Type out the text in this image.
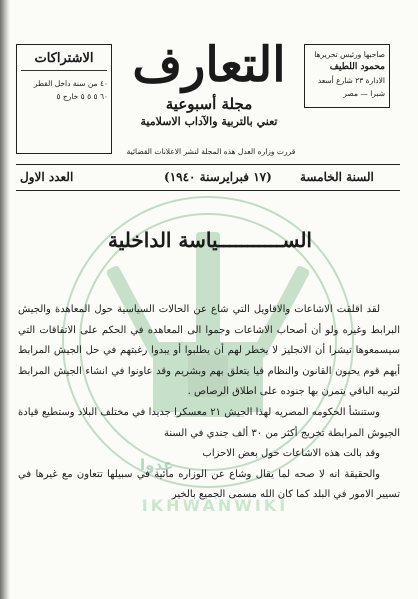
عدوا
IKHWANWIKI
الاشتراكات
٤٠ من سنة داخل القطر
٦٠ ٥ ٥ ٥ خارج ٥
صاحبها ورئيس تحريرها
محمود اللطيف
الادارة ٢٣ شارع أسعد
شبرا — مصر
التعارف
مجلة أسبوعية
تعني بالتربية والآداب الاسلامية
قررت وزاره العدل هذه المجلة لنشر الاعلانات القضائية
السنة الخامسة
(١٧ فبرايرسنة ١٩٤٠)
العدد الاول
الســـــــــــياسة الداخلية

لقد اقلقت الاشاعات والاقاويل التي شاع عن الحالات السياسية حول المعاهدة والجيش البرابط وغيره ولو أن أصحاب الاشاعات وجموا الى المعاهده في الحكم على الاتفاقات التي سيسمعوها تيشرا أن الانجليز لا يخطر لهم أن يطلبوا أو يبدوا رغبتهم في حل الجيش المرابط أيهم قوم يحبون القانون والنظام فيا يتعلق بهم وبشريم وقد عاونوا في انشاء الجيش المرابط لتربيه الباقي يتمرن بها جنوده على اطلاق الرصاص .

وستنشأ الحكومه المصريه لهذا الجيش ٢١ معسكرا جديدا في مختلف البلاد وستطيع قيادة الجيوش المرابطة تخريج أكثر من ٣٠ ألف جندي في السنة

وقد بالت هذه الاشاعات حول بعض الاحزاب

والحقيقة انه لا صحه لما يقال وشاع عن الوزاره مائية في سبيلها تتعاون مع غيرها في تسيير الامور في البلد كما كان الله مسمى الجميع بالخير
